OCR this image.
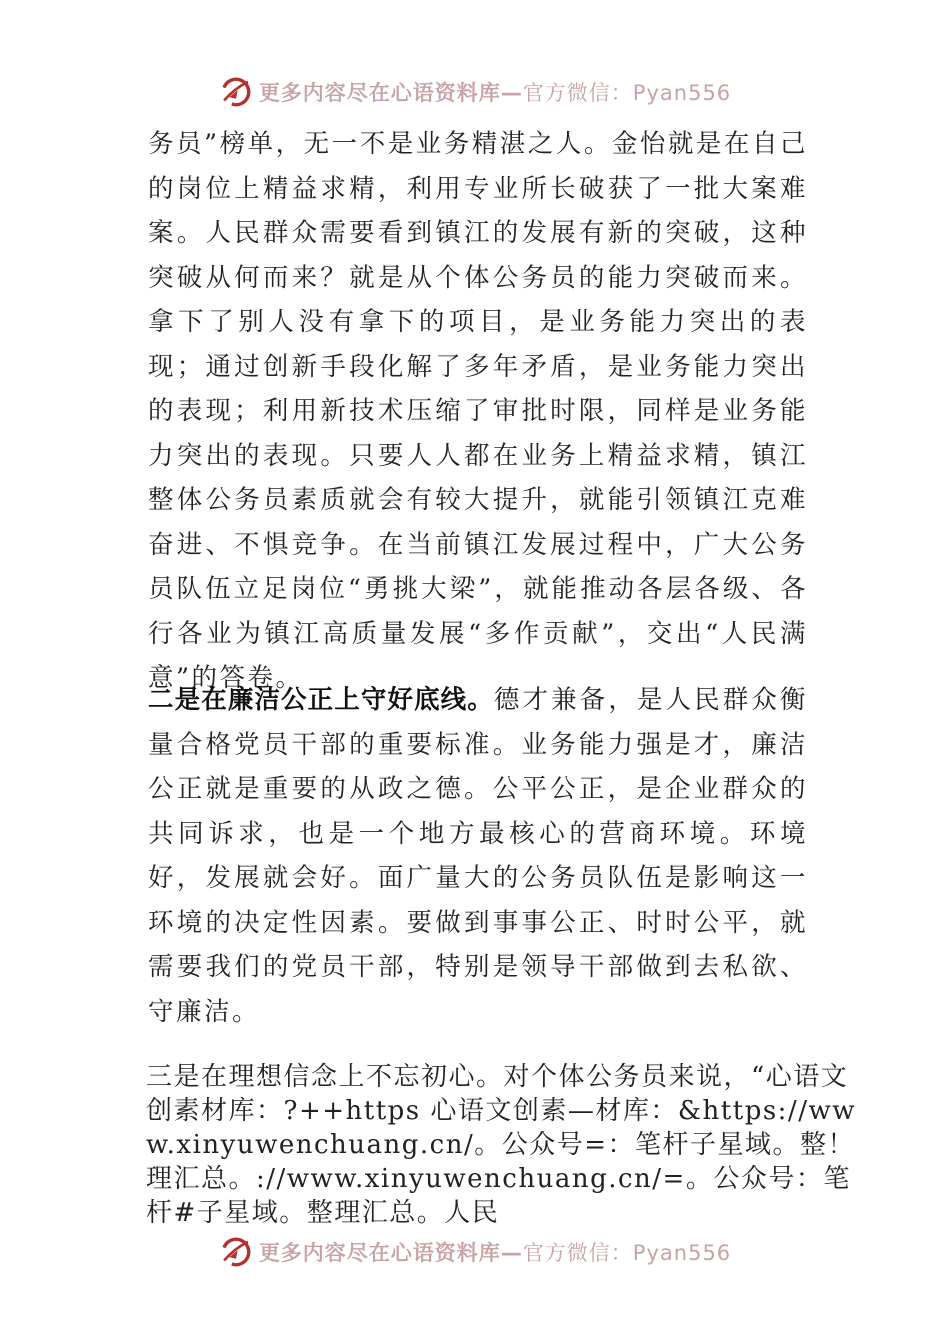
更多内容尽在心语资料库—官方微信：Pyan556
务员”榜单，无一不是业务精湛之人。金怡就是在自己的岗位上精益求精，利用专业所长破获了一批大案难案。人民群众需要看到镇江的发展有新的突破，这种突破从何而来？就是从个体公务员的能力突破而来。拿下了别人没有拿下的项目，是业务能力突出的表现；通过创新手段化解了多年矛盾，是业务能力突出的表现；利用新技术压缩了审批时限，同样是业务能力突出的表现。只要人人都在业务上精益求精，镇江整体公务员素质就会有较大提升，就能引领镇江克难奋进、不惧竞争。在当前镇江发展过程中，广大公务员队伍立足岗位“勇挑大梁”，就能推动各层各级、各行各业为镇江高质量发展“多作贡献”，交出“人民满意”的答卷。
二是在廉洁公正上守好底线。德才兼备，是人民群众衡量合格党员干部的重要标准。业务能力强是才，廉洁公正就是重要的从政之德。公平公正，是企业群众的共同诉求，也是一个地方最核心的营商环境。环境好，发展就会好。面广量大的公务员队伍是影响这一环境的决定性因素。要做到事事公正、时时公平，就需要我们的党员干部，特别是领导干部做到去私欲、守廉洁。
三是在理想信念上不忘初心。对个体公务员来说，“心语文创素材库：?++https 心语文创素—材库：&https://www.xinyuwenchuang.cn/。公众号=：笔杆子星域。整！理汇总。://www.xinyuwenchuang.cn/=。公众号：笔杆#子星域。整理汇总。人民
更多内容尽在心语资料库—官方微信：Pyan556
